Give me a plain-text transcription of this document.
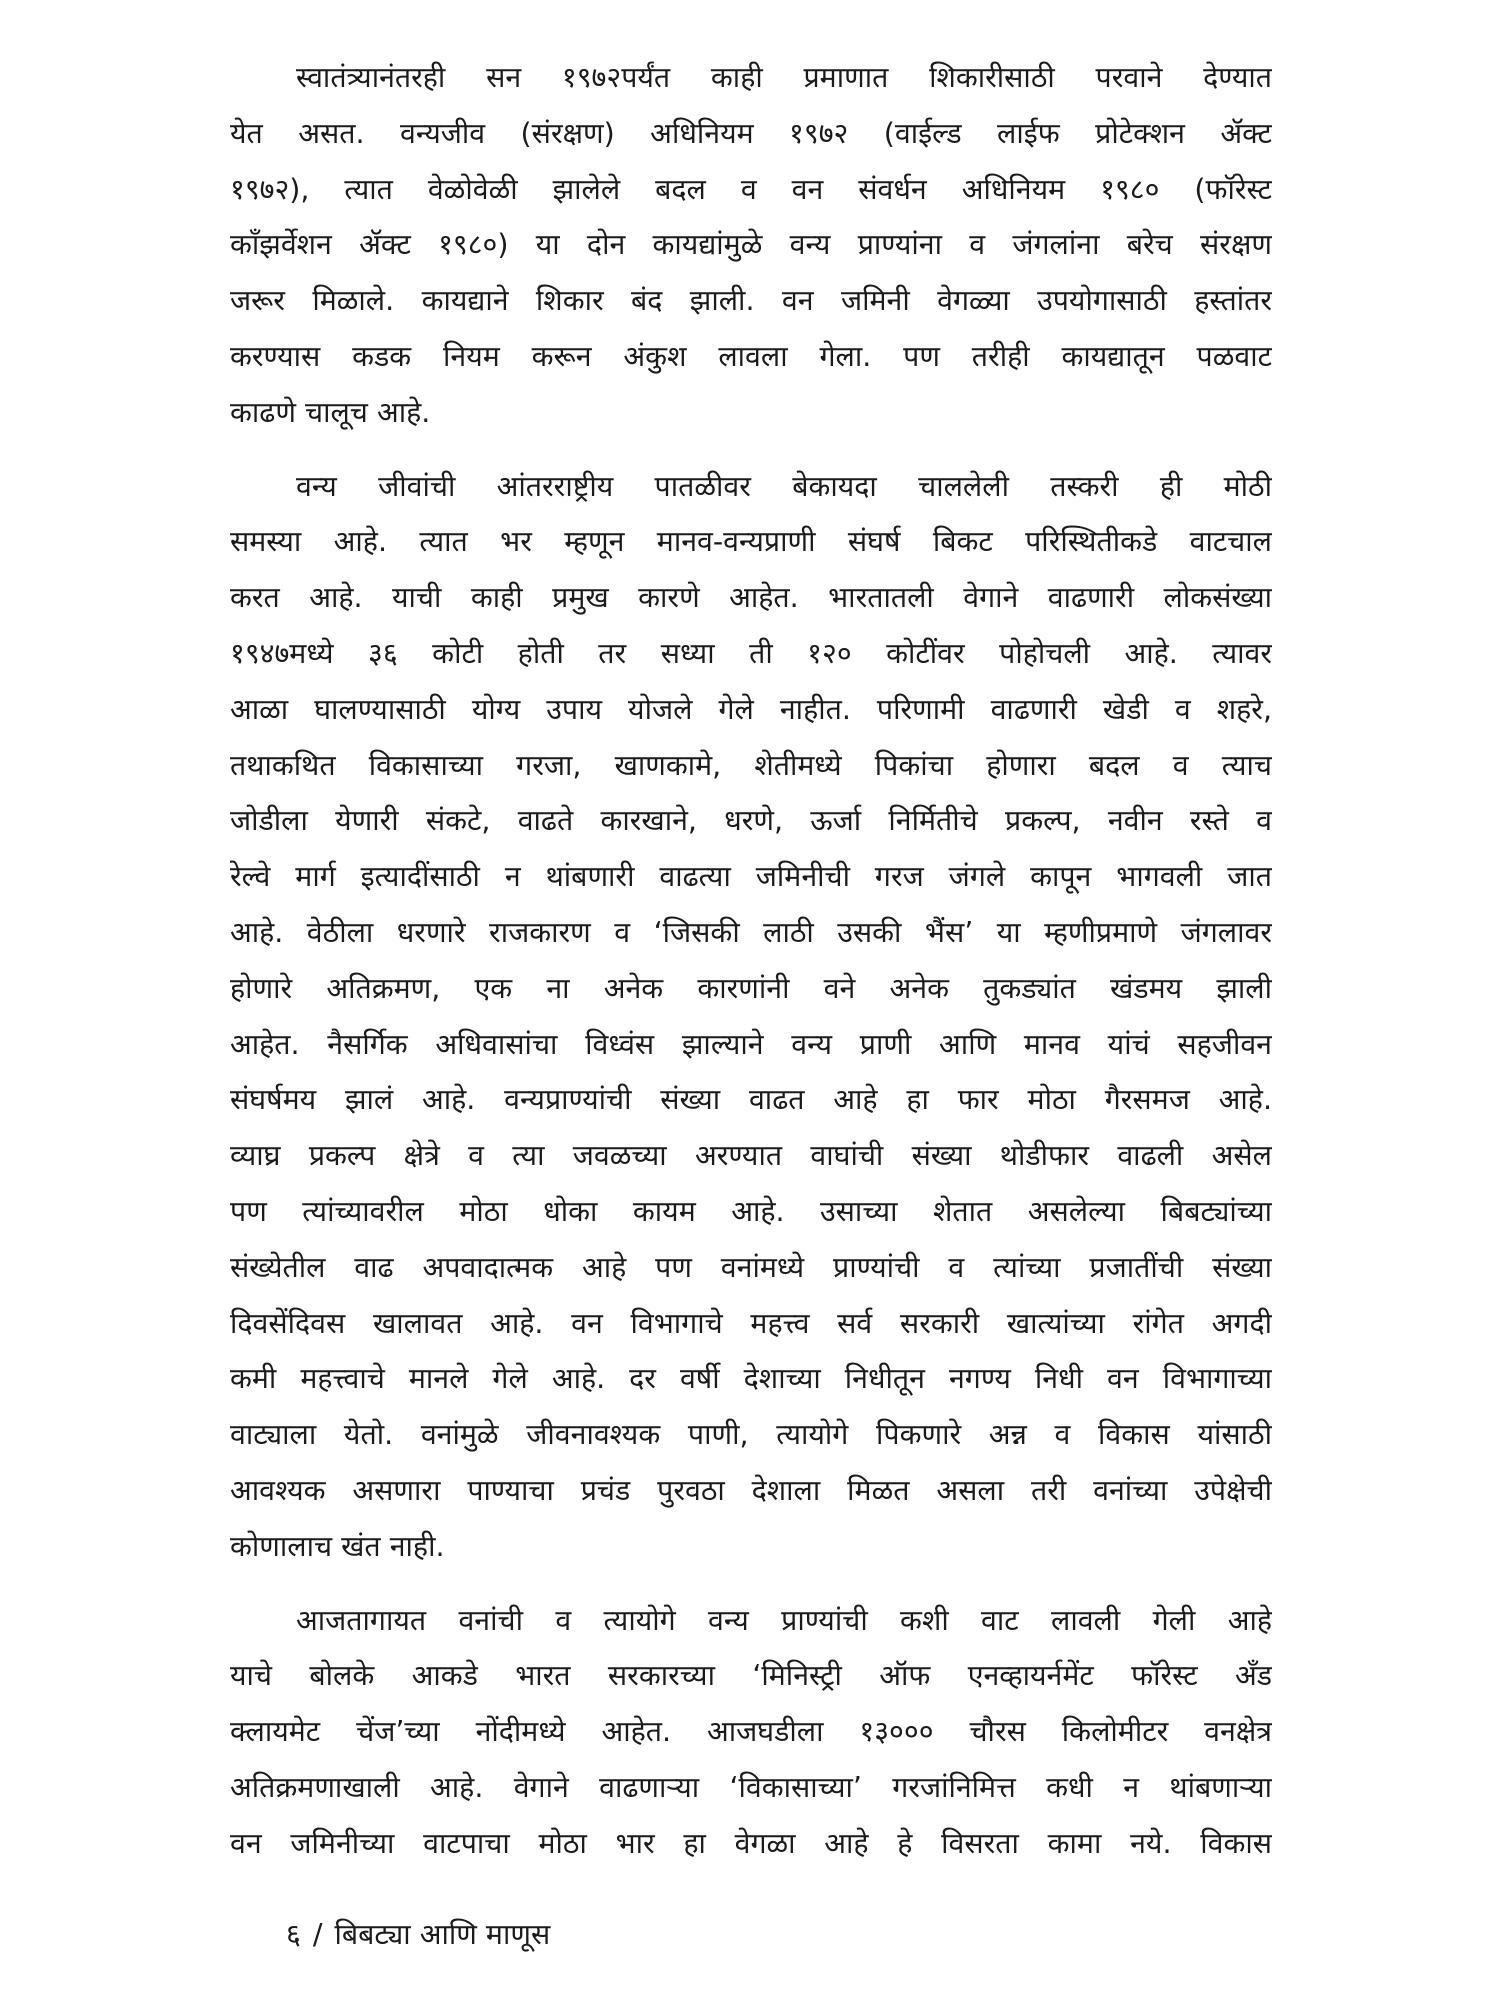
स्वातंत्र्यानंतरही सन १९७२पर्यंत काही प्रमाणात शिकारीसाठी परवाने देण्यात
येत असत. वन्यजीव (संरक्षण) अधिनियम १९७२ (वाईल्ड लाईफ प्रोटेक्शन ॲक्ट
१९७२), त्यात वेळोवेळी झालेले बदल व वन संवर्धन अधिनियम १९८० (फॉरेस्ट
कॉंझर्वेशन ॲक्ट १९८०) या दोन कायद्यांमुळे वन्य प्राण्यांना व जंगलांना बरेच संरक्षण
जरूर मिळाले. कायद्याने शिकार बंद झाली. वन जमिनी वेगळ्या उपयोगासाठी हस्तांतर
करण्यास कडक नियम करून अंकुश लावला गेला. पण तरीही कायद्यातून पळवाट
काढणे चालूच आहे.
वन्य जीवांची आंतरराष्ट्रीय पातळीवर बेकायदा चाललेली तस्करी ही मोठी
समस्या आहे. त्यात भर म्हणून मानव-वन्यप्राणी संघर्ष बिकट परिस्थितीकडे वाटचाल
करत आहे. याची काही प्रमुख कारणे आहेत. भारतातली वेगाने वाढणारी लोकसंख्या
१९४७मध्ये ३६ कोटी होती तर सध्या ती १२० कोटींवर पोहोचली आहे. त्यावर
आळा घालण्यासाठी योग्य उपाय योजले गेले नाहीत. परिणामी वाढणारी खेडी व शहरे,
तथाकथित विकासाच्या गरजा, खाणकामे, शेतीमध्ये पिकांचा होणारा बदल व त्याच
जोडीला येणारी संकटे, वाढते कारखाने, धरणे, ऊर्जा निर्मितीचे प्रकल्प, नवीन रस्ते व
रेल्वे मार्ग इत्यादींसाठी न थांबणारी वाढत्या जमिनीची गरज जंगले कापून भागवली जात
आहे. वेठीला धरणारे राजकारण व ‘जिसकी लाठी उसकी भैंस’ या म्हणीप्रमाणे जंगलावर
होणारे अतिक्रमण, एक ना अनेक कारणांनी वने अनेक तुकड्यांत खंडमय झाली
आहेत. नैसर्गिक अधिवासांचा विध्वंस झाल्याने वन्य प्राणी आणि मानव यांचं सहजीवन
संघर्षमय झालं आहे. वन्यप्राण्यांची संख्या वाढत आहे हा फार मोठा गैरसमज आहे.
व्याघ्र प्रकल्प क्षेत्रे व त्या जवळच्या अरण्यात वाघांची संख्या थोडीफार वाढली असेल
पण त्यांच्यावरील मोठा धोका कायम आहे. उसाच्या शेतात असलेल्या बिबट्यांच्या
संख्येतील वाढ अपवादात्मक आहे पण वनांमध्ये प्राण्यांची व त्यांच्या प्रजातींची संख्या
दिवसेंदिवस खालावत आहे. वन विभागाचे महत्त्व सर्व सरकारी खात्यांच्या रांगेत अगदी
कमी महत्त्वाचे मानले गेले आहे. दर वर्षी देशाच्या निधीतून नगण्य निधी वन विभागाच्या
वाट्याला येतो. वनांमुळे जीवनावश्यक पाणी, त्यायोगे पिकणारे अन्न व विकास यांसाठी
आवश्यक असणारा पाण्याचा प्रचंड पुरवठा देशाला मिळत असला तरी वनांच्या उपेक्षेची
कोणालाच खंत नाही.
आजतागायत वनांची व त्यायोगे वन्य प्राण्यांची कशी वाट लावली गेली आहे
याचे बोलके आकडे भारत सरकारच्या ‘मिनिस्ट्री ऑफ एनव्हायर्नमेंट फॉरेस्ट अँड
क्लायमेट चेंज’च्या नोंदीमध्ये आहेत. आजघडीला १३००० चौरस किलोमीटर वनक्षेत्र
अतिक्रमणाखाली आहे. वेगाने वाढणाऱ्या ‘विकासाच्या’ गरजांनिमित्त कधी न थांबणाऱ्या
वन जमिनीच्या वाटपाचा मोठा भार हा वेगळा आहे हे विसरता कामा नये. विकास
६ / बिबट्या आणि माणूस
